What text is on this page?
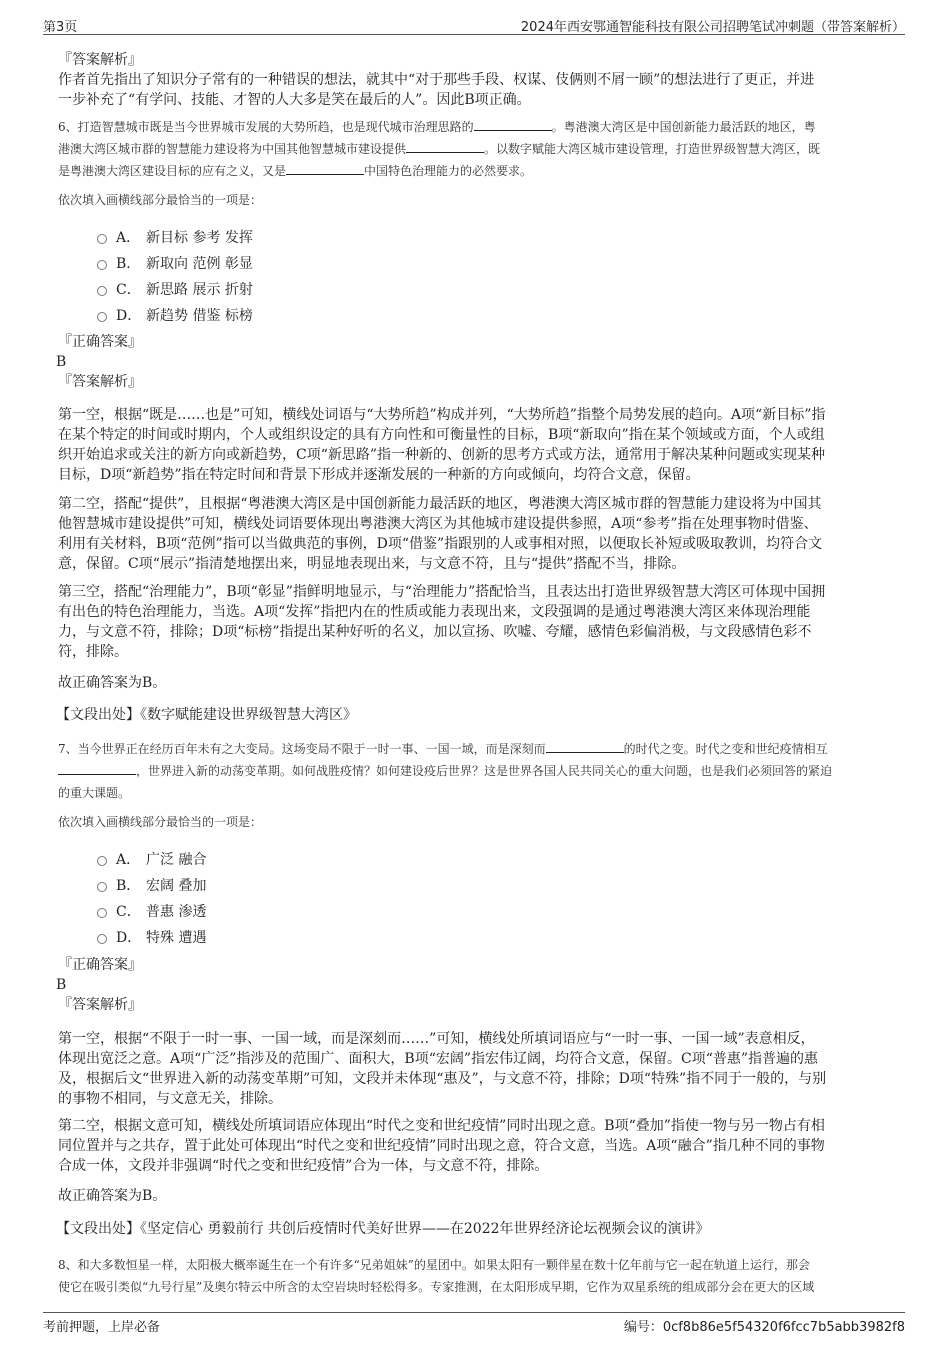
第3页	2024年西安鄂通智能科技有限公司招聘笔试冲刺题（带答案解析）

『答案解析』

作者首先指出了知识分子常有的一种错误的想法，就其中“对于那些手段、权谋、伎俩则不屑一顾”的想法进行了更正，并进

一步补充了“有学问、技能、才智的人大多是笑在最后的人”。因此B项正确。

6、打造智慧城市既是当今世界城市发展的大势所趋，也是现代城市治理思路的	。粤港澳大湾区是中国创新能力最活跃的地区，粤
港澳大湾区城市群的智慧能力建设将为中国其他智慧城市建设提供	。以数字赋能大湾区城市建设管理，打造世界级智慧大湾区，既
是粤港澳大湾区建设目标的应有之义，又是	中国特色治理能力的必然要求。
依次填入画横线部分最恰当的一项是：
A． 新目标 参考 发挥
B． 新取向 范例 彰显
C． 新思路 展示 折射
D． 新趋势 借鉴 标榜

『正确答案』

B

『答案解析』

第一空，根据“既是……也是”可知，横线处词语与“大势所趋”构成并列，“大势所趋”指整个局势发展的趋向。A项“新目标”指

在某个特定的时间或时期内，个人或组织设定的具有方向性和可衡量性的目标，B项“新取向”指在某个领域或方面，个人或组

织开始追求或关注的新方向或新趋势，C项“新思路”指一种新的、创新的思考方式或方法，通常用于解决某种问题或实现某种

目标，D项“新趋势”指在特定时间和背景下形成并逐渐发展的一种新的方向或倾向，均符合文意，保留。

第二空，搭配“提供”，且根据“粤港澳大湾区是中国创新能力最活跃的地区，粤港澳大湾区城市群的智慧能力建设将为中国其

他智慧城市建设提供”可知，横线处词语要体现出粤港澳大湾区为其他城市建设提供参照，A项“参考”指在处理事物时借鉴、

利用有关材料，B项“范例”指可以当做典范的事例，D项“借鉴”指跟别的人或事相对照，以便取长补短或吸取教训，均符合文

意，保留。C项“展示”指清楚地摆出来，明显地表现出来，与文意不符，且与“提供”搭配不当，排除。

第三空，搭配“治理能力”，B项“彰显”指鲜明地显示，与“治理能力”搭配恰当，且表达出打造世界级智慧大湾区可体现中国拥

有出色的特色治理能力，当选。A项“发挥”指把内在的性质或能力表现出来，文段强调的是通过粤港澳大湾区来体现治理能

力，与文意不符，排除；D项“标榜”指提出某种好听的名义，加以宣扬、吹嘘、夸耀，感情色彩偏消极，与文段感情色彩不

符，排除。

故正确答案为B。
【文段出处】《数字赋能建设世界级智慧大湾区》
7、当今世界正在经历百年未有之大变局。这场变局不限于一时一事、一国一域，而是深刻而	的时代之变。时代之变和世纪疫情相互
，世界进入新的动荡变革期。如何战胜疫情？如何建设疫后世界？这是世界各国人民共同关心的重大问题，也是我们必须回答的紧迫
的重大课题。
依次填入画横线部分最恰当的一项是：
A． 广泛 融合
B． 宏阔 叠加
C． 普惠 渗透
D． 特殊 遭遇

『正确答案』

B

『答案解析』

第一空，根据“不限于一时一事、一国一域，而是深刻而……”可知，横线处所填词语应与“一时一事、一国一域”表意相反，

体现出宽泛之意。A项“广泛”指涉及的范围广、面积大，B项“宏阔”指宏伟辽阔，均符合文意，保留。C项“普惠”指普遍的惠

及，根据后文“世界进入新的动荡变革期”可知，文段并未体现“惠及”，与文意不符，排除；D项“特殊”指不同于一般的，与别

的事物不相同，与文意无关，排除。

第二空，根据文意可知，横线处所填词语应体现出“时代之变和世纪疫情”同时出现之意。B项“叠加”指使一物与另一物占有相

同位置并与之共存，置于此处可体现出“时代之变和世纪疫情”同时出现之意，符合文意，当选。A项“融合”指几种不同的事物

合成一体，文段并非强调“时代之变和世纪疫情”合为一体，与文意不符，排除。

故正确答案为B。
【文段出处】《坚定信心 勇毅前行 共创后疫情时代美好世界——在2022年世界经济论坛视频会议的演讲》
8、和大多数恒星一样，太阳极大概率诞生在一个有许多“兄弟姐妹”的星团中。如果太阳有一颗伴星在数十亿年前与它一起在轨道上运行，那会
使它在吸引类似“九号行星”及奥尔特云中所含的太空岩块时轻松得多。专家推测，在太阳形成早期，它作为双星系统的组成部分会在更大的区域
考前押题，上岸必备	编号：0cf8b86e5f54320f6fcc7b5abb3982f8
